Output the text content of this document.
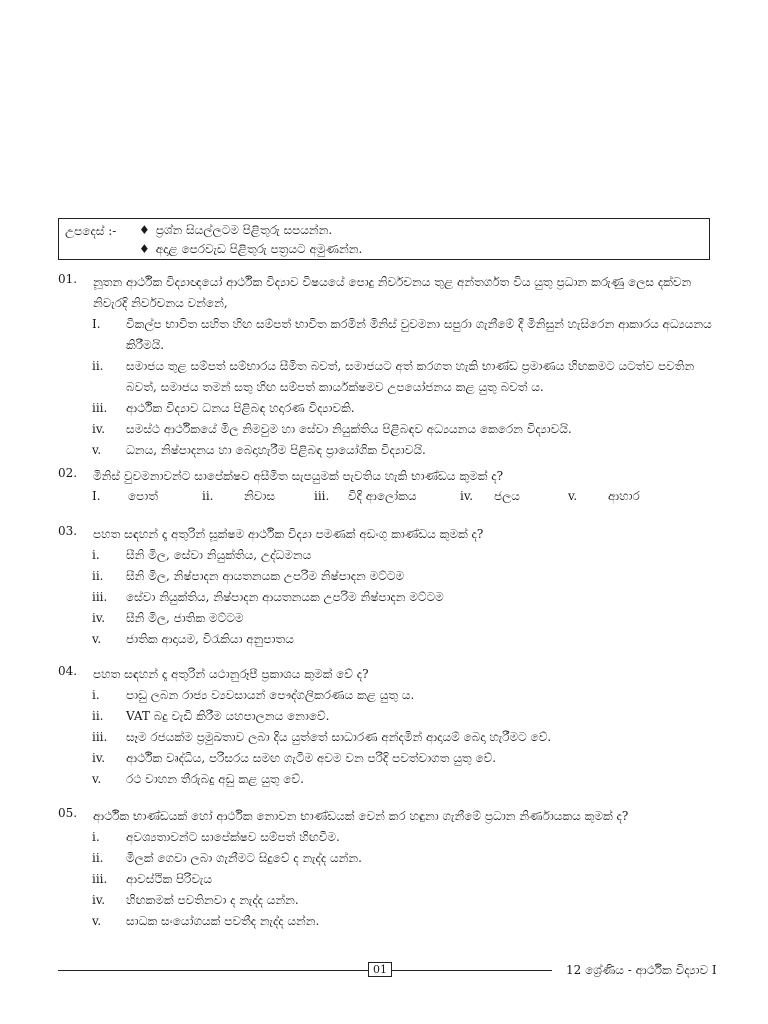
උපදෙස් :- ♦ ප්‍රශ්න සියල්ලටම පිළිතුරු සපයන්න.
♦ අදාළ පෙරවැඩ පිළිතුරු පත්‍රයට අමුණන්න.
01. නූතන ආර්ථික විද්‍යාඥයෝ ආර්ථික විද්‍යාව විෂයයේ පොදු නිර්වචනය තුළ අන්තර්ගත විය යුතු ප්‍රධාන කරුණු ලෙස දක්වන නිවැරදි නිර්වචනය වන්නේ,
I. විකල්ප භාවිත සහිත හිඟ සම්පත් භාවිත කරමින් මිනිස් වුවමනා සපුරා ගැනීමේ දී මිනිසුන් හැසිරෙන ආකාරය අධ්‍යයනය කිරීමයි.
ii. සමාජය තුළ සම්පත් සම්භාරය සීමිත බවත්, සමාජයට අත් කරගත හැකි භාණ්ඩ ප්‍රමාණය හිඟකමට යටත්ව පවතින බවත්, සමාජය තමන් සතු හිඟ සම්පත් කාර්යක්ෂමව උපයෝජනය කළ යුතු බවත් ය.
iii. ආර්ථික විද්‍යාව ධනය පිළිබඳ හදාරණ විද්‍යාවකි.
iv. සමස්ථ ආර්ථිකයේ මිල නිමවුම හා සේවා නියුක්තිය පිළිබඳව අධ්‍යයනය කෙරෙන විද්‍යාවයි.
v. ධනය, නිෂ්පාදනය හා බෙදාහැරීම පිළිබඳ ප්‍රායෝගික විද්‍යාවයි.
02. මිනිස් වුවමනාවන්ට සාපේක්ෂව අසීමිත සැපයුමක් පැවතිය හැකි භාණ්ඩය කුමක් ද?
I. පොත්	ii.	නිවාස	iii. විදි ආලෝකය	iv. ජලය	v.	ආහාර
03. පහත සඳහන් දෑ අතුරින් සූක්ෂම ආර්ථික විද්‍යා පමණක් අඩංගු කාණ්ඩය කුමක් ද?
i. සීනි මිල, සේවා නියුක්තිය, උද්ධමනය
ii. සීනි මිල, නිෂ්පාදන ආයතනයක උපරිම නිෂ්පාදන මට්ටම
iii. සේවා නියුක්තිය, නිෂ්පාදන ආයතනයක උපරිම නිෂ්පාදන මට්ටම
iv. සීනි මිල, ජාතික මට්ටම
v. ජාතික ආදායම, විරැකියා අනුපාතය
04. පහත සඳහන් දෑ අතුරින් යථානුරූපී ප්‍රකාශය කුමක් වේ ද?
i. පාඩු ලබන රාජ්‍ය ව්‍යවසායන් පෞද්ගලිකරණය කළ යුතු ය.
ii. VAT බදු වැඩි කිරීම යහපාලනය නොවේ.
iii. සෑම රජයක්ම ප්‍රමුඛතාව ලබා දිය යුත්තේ සාධාරණ අන්දමින් ආදායම් බෙදා හැරීමට වේ.
iv. ආර්ථික වෘද්ධිය, පරිසරය සමඟ ගැටීම අවම වන පරිදි පවත්වාගත යුතු වේ.
v. රථ වාහන තීරුබදු අඩු කළ යුතු වේ.
05. ආර්ථික භාණ්ඩයක් හෝ ආර්ථික නොවන භාණ්ඩයක් වෙන් කර හඳුනා ගැනීමේ ප්‍රධාන නිර්ණායකය කුමක් ද?
i. අවශ්‍යතාවන්ට සාපේක්ෂව සම්පත් හිඟවීම.
ii. මිලක් ගෙවා ලබා ගැනීමට සිදුවේ ද නැද්ද යන්න.
iii. ආවස්ථික පිරිවැය
iv. හිඟකමක් පවතිනවා ද නැද්ද යන්න.
v. සාධක සංයෝගයක් පවතීද නැද්ද යන්න.
01	12 ශ්‍රේණිය - ආර්ථික විද්‍යාව I
